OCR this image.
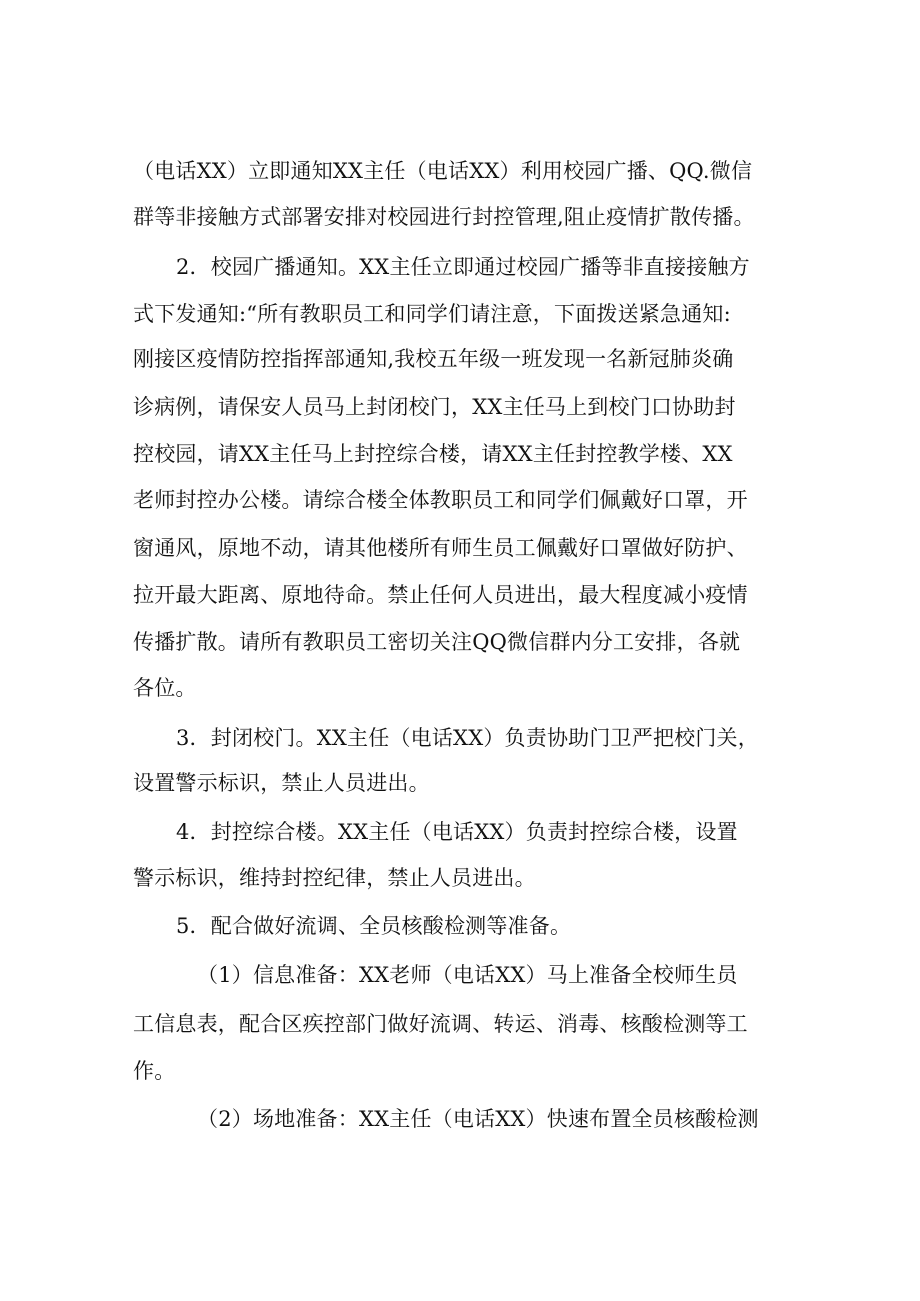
（电话XX）立即通知XX主任（电话XX）利用校园广播、QQ.微信
群等非接触方式部署安排对校园进行封控管理,阻止疫情扩散传播。
2．校园广播通知。XX主任立即通过校园广播等非直接接触方
式下发通知:“所有教职员工和同学们请注意，下面拨送紧急通知:
刚接区疫情防控指挥部通知,我校五年级一班发现一名新冠肺炎确
诊病例，请保安人员马上封闭校门，XX主任马上到校门口协助封
控校园，请XX主任马上封控综合楼，请XX主任封控教学楼、XX
老师封控办公楼。请综合楼全体教职员工和同学们佩戴好口罩，开
窗通风，原地不动，请其他楼所有师生员工佩戴好口罩做好防护、
拉开最大距离、原地待命。禁止任何人员进出，最大程度减小疫情
传播扩散。请所有教职员工密切关注QQ微信群内分工安排，各就
各位。
3．封闭校门。XX主任（电话XX）负责协助门卫严把校门关，
设置警示标识，禁止人员进出。
4．封控综合楼。XX主任（电话XX）负责封控综合楼，设置
警示标识，维持封控纪律，禁止人员进出。
5．配合做好流调、全员核酸检测等准备。
（1）信息准备：XX老师（电话XX）马上准备全校师生员
工信息表，配合区疾控部门做好流调、转运、消毒、核酸检测等工
作。
（2）场地准备：XX主任（电话XX）快速布置全员核酸检测
